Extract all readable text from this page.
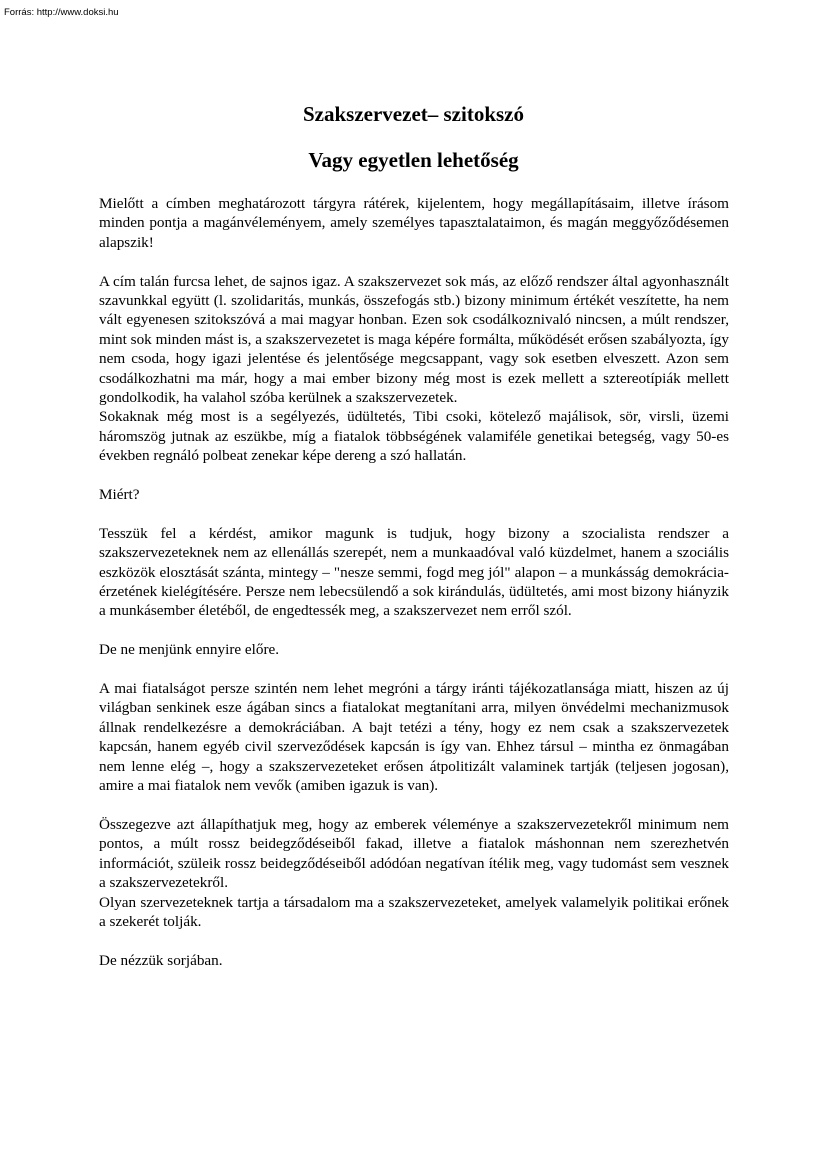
Forrás: http://www.doksi.hu
Szakszervezet– szitokszó
Vagy egyetlen lehetőség

Mielőtt a címben meghatározott tárgyra rátérek, kijelentem, hogy megállapításaim, illetve írásom minden pontja a magánvéleményem, amely személyes tapasztalataimon, és magán meggyőződésemen alapszik!

A cím talán furcsa lehet, de sajnos igaz. A szakszervezet sok más, az előző rendszer által agyonhasznált szavunkkal együtt (l. szolidaritás, munkás, összefogás stb.) bizony minimum értékét veszítette, ha nem vált egyenesen szitokszóvá a mai magyar honban. Ezen sok csodálkoznivaló nincsen, a múlt rendszer, mint sok minden mást is, a szakszervezetet is maga képére formálta, működését erősen szabályozta, így nem csoda, hogy igazi jelentése és jelentősége megcsappant, vagy sok esetben elveszett. Azon sem csodálkozhatni ma már, hogy a mai ember bizony még most is ezek mellett a sztereotípiák mellett gondolkodik, ha valahol szóba kerülnek a szakszervezetek.

Sokaknak még most is a segélyezés, üdültetés, Tibi csoki, kötelező majálisok, sör, virsli, üzemi háromszög jutnak az eszükbe, míg a fiatalok többségének valamiféle genetikai betegség, vagy 50-es években regnáló polbeat zenekar képe dereng a szó hallatán.

Miért?

Tesszük fel a kérdést, amikor magunk is tudjuk, hogy bizony a szocialista rendszer a szakszervezeteknek nem az ellenállás szerepét, nem a munkaadóval való küzdelmet, hanem a szociális eszközök elosztását szánta, mintegy – "nesze semmi, fogd meg jól" alapon – a munkásság demokrácia-érzetének kielégítésére. Persze nem lebecsülendő a sok kirándulás, üdültetés, ami most bizony hiányzik a munkásember életéből, de engedtessék meg, a szakszervezet nem erről szól.

De ne menjünk ennyire előre.

A mai fiatalságot persze szintén nem lehet megróni a tárgy iránti tájékozatlansága miatt, hiszen az új világban senkinek esze ágában sincs a fiatalokat megtanítani arra, milyen önvédelmi mechanizmusok állnak rendelkezésre a demokráciában. A bajt tetézi a tény, hogy ez nem csak a szakszervezetek kapcsán, hanem egyéb civil szerveződések kapcsán is így van. Ehhez társul – mintha ez önmagában nem lenne elég –, hogy a szakszervezeteket erősen átpolitizált valaminek tartják (teljesen jogosan), amire a mai fiatalok nem vevők (amiben igazuk is van).

Összegezve azt állapíthatjuk meg, hogy az emberek véleménye a szakszervezetekről minimum nem pontos, a múlt rossz beidegződéseiből fakad, illetve a fiatalok máshonnan nem szerezhetvén információt, szüleik rossz beidegződéseiből adódóan negatívan ítélik meg, vagy tudomást sem vesznek a szakszervezetekről.

Olyan szervezeteknek tartja a társadalom ma a szakszervezeteket, amelyek valamelyik politikai erőnek a szekerét tolják.

De nézzük sorjában.
